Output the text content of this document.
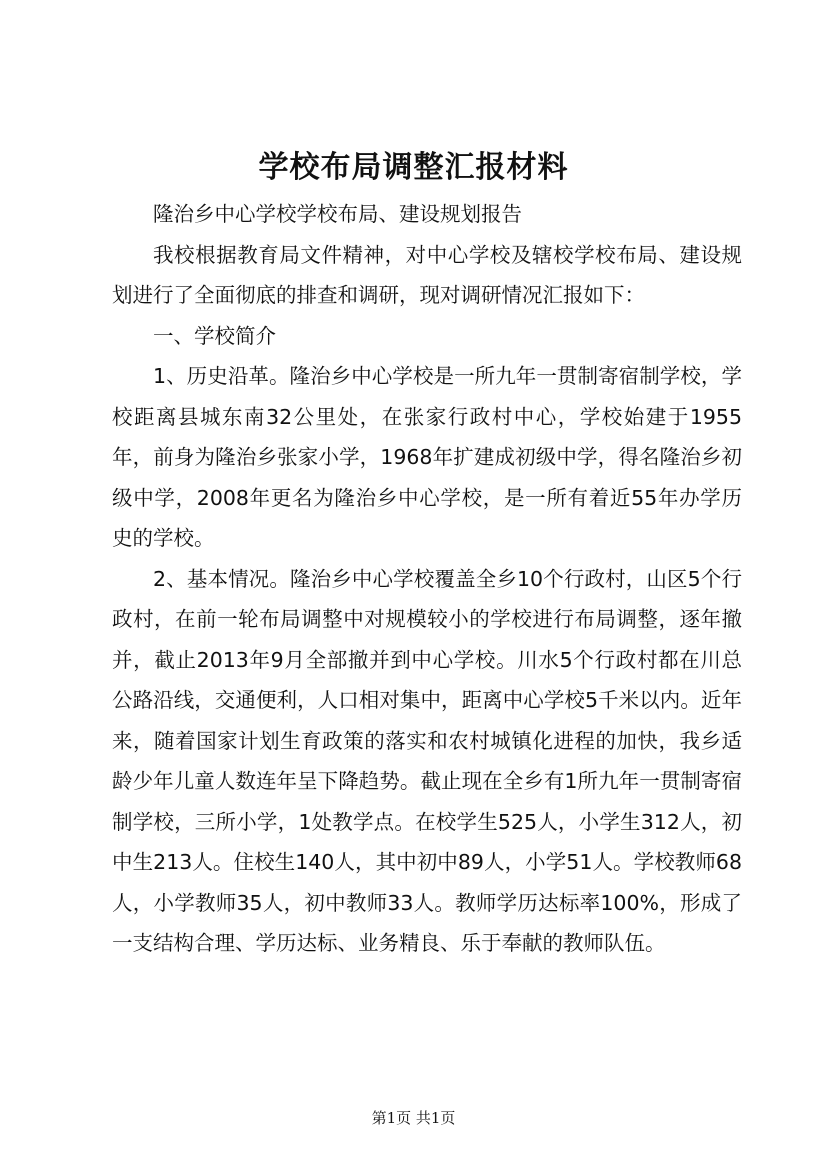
学校布局调整汇报材料

隆治乡中心学校学校布局、建设规划报告

我校根据教育局文件精神，对中心学校及辖校学校布局、建设规划进行了全面彻底的排查和调研，现对调研情况汇报如下：

一、学校简介

1、历史沿革。隆治乡中心学校是一所九年一贯制寄宿制学校，学校距离县城东南32公里处，在张家行政村中心，学校始建于1955年，前身为隆治乡张家小学，1968年扩建成初级中学，得名隆治乡初级中学，2008年更名为隆治乡中心学校，是一所有着近55年办学历史的学校。

2、基本情况。隆治乡中心学校覆盖全乡10个行政村，山区5个行政村，在前一轮布局调整中对规模较小的学校进行布局调整，逐年撤并，截止2013年9月全部撤并到中心学校。川水5个行政村都在川总公路沿线，交通便利，人口相对集中，距离中心学校5千米以内。近年来，随着国家计划生育政策的落实和农村城镇化进程的加快，我乡适龄少年儿童人数连年呈下降趋势。截止现在全乡有1所九年一贯制寄宿制学校，三所小学，1处教学点。在校学生525人，小学生312人，初中生213人。住校生140人，其中初中89人，小学51人。学校教师68人，小学教师35人，初中教师33人。教师学历达标率100%，形成了一支结构合理、学历达标、业务精良、乐于奉献的教师队伍。

第1页 共1页
